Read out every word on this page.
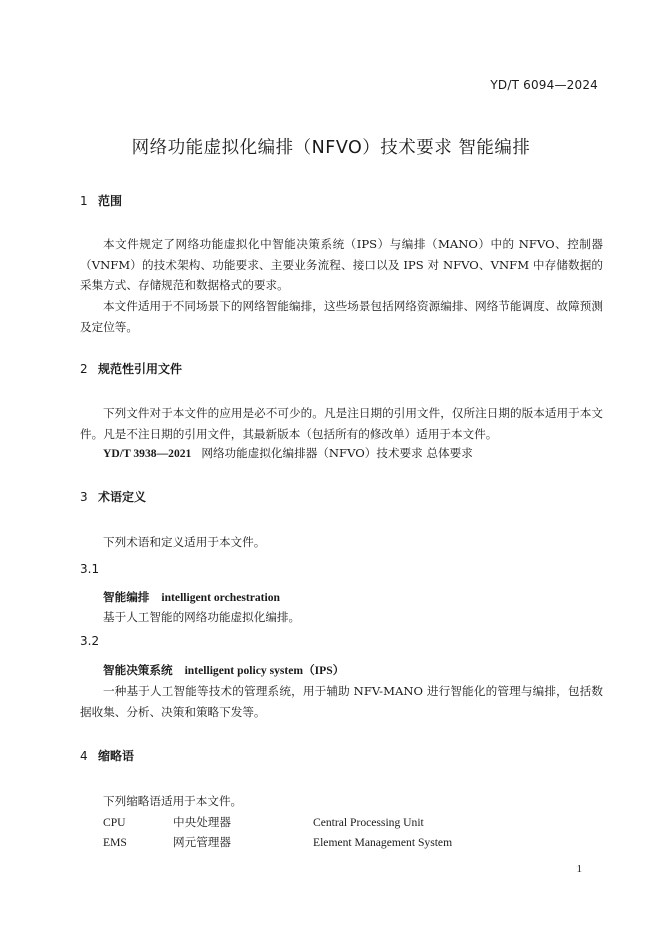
YD/T 6094—2024
网络功能虚拟化编排（NFVO）技术要求 智能编排
1 范围
本文件规定了网络功能虚拟化中智能决策系统（IPS）与编排（MANO）中的 NFVO、控制器（VNFM）的技术架构、功能要求、主要业务流程、接口以及 IPS 对 NFVO、VNFM 中存储数据的采集方式、存储规范和数据格式的要求。
本文件适用于不同场景下的网络智能编排，这些场景包括网络资源编排、网络节能调度、故障预测及定位等。
2 规范性引用文件
下列文件对于本文件的应用是必不可少的。凡是注日期的引用文件，仅所注日期的版本适用于本文件。凡是不注日期的引用文件，其最新版本（包括所有的修改单）适用于本文件。
YD/T 3938—2021 网络功能虚拟化编排器（NFVO）技术要求 总体要求
3 术语定义
下列术语和定义适用于本文件。
3.1
智能编排 intelligent orchestration
基于人工智能的网络功能虚拟化编排。
3.2
智能决策系统 intelligent policy system（IPS）
一种基于人工智能等技术的管理系统，用于辅助 NFV-MANO 进行智能化的管理与编排，包括数据收集、分析、决策和策略下发等。
4 缩略语
下列缩略语适用于本文件。
CPU	中央处理器	Central Processing Unit
EMS	网元管理器	Element Management System
1
